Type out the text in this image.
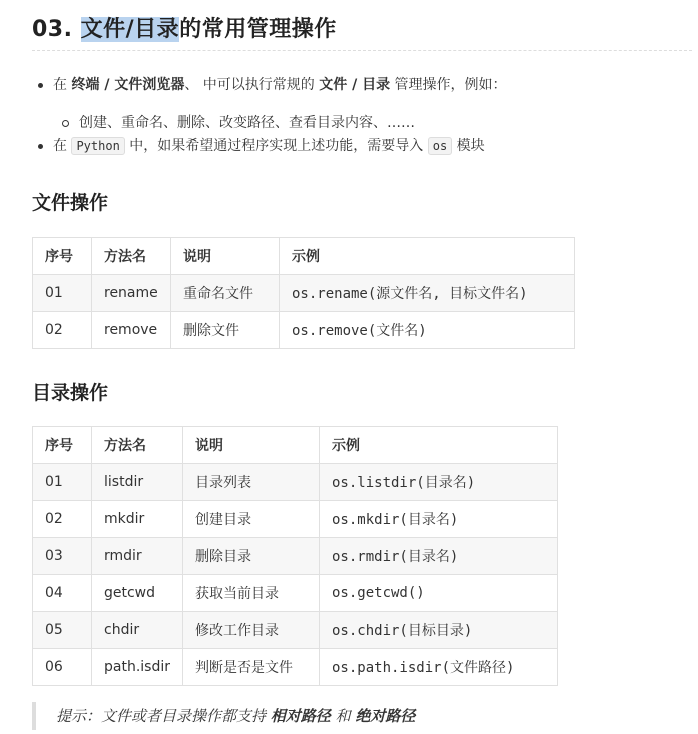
03. 文件/目录的常用管理操作
在 终端 / 文件浏览器、 中可以执行常规的 文件 / 目录 管理操作，例如：
创建、重命名、删除、改变路径、查看目录内容、……
在 Python 中，如果希望通过程序实现上述功能，需要导入 os 模块
文件操作
序号	方法名	说明	示例
01	rename	重命名文件	os.rename(源文件名, 目标文件名)
02	remove	删除文件	os.remove(文件名)
目录操作
序号	方法名	说明	示例
01	listdir	目录列表	os.listdir(目录名)
02	mkdir	创建目录	os.mkdir(目录名)
03	rmdir	删除目录	os.rmdir(目录名)
04	getcwd	获取当前目录	os.getcwd()
05	chdir	修改工作目录	os.chdir(目标目录)
06	path.isdir	判断是否是文件	os.path.isdir(文件路径)
提示：文件或者目录操作都支持 相对路径 和 绝对路径
